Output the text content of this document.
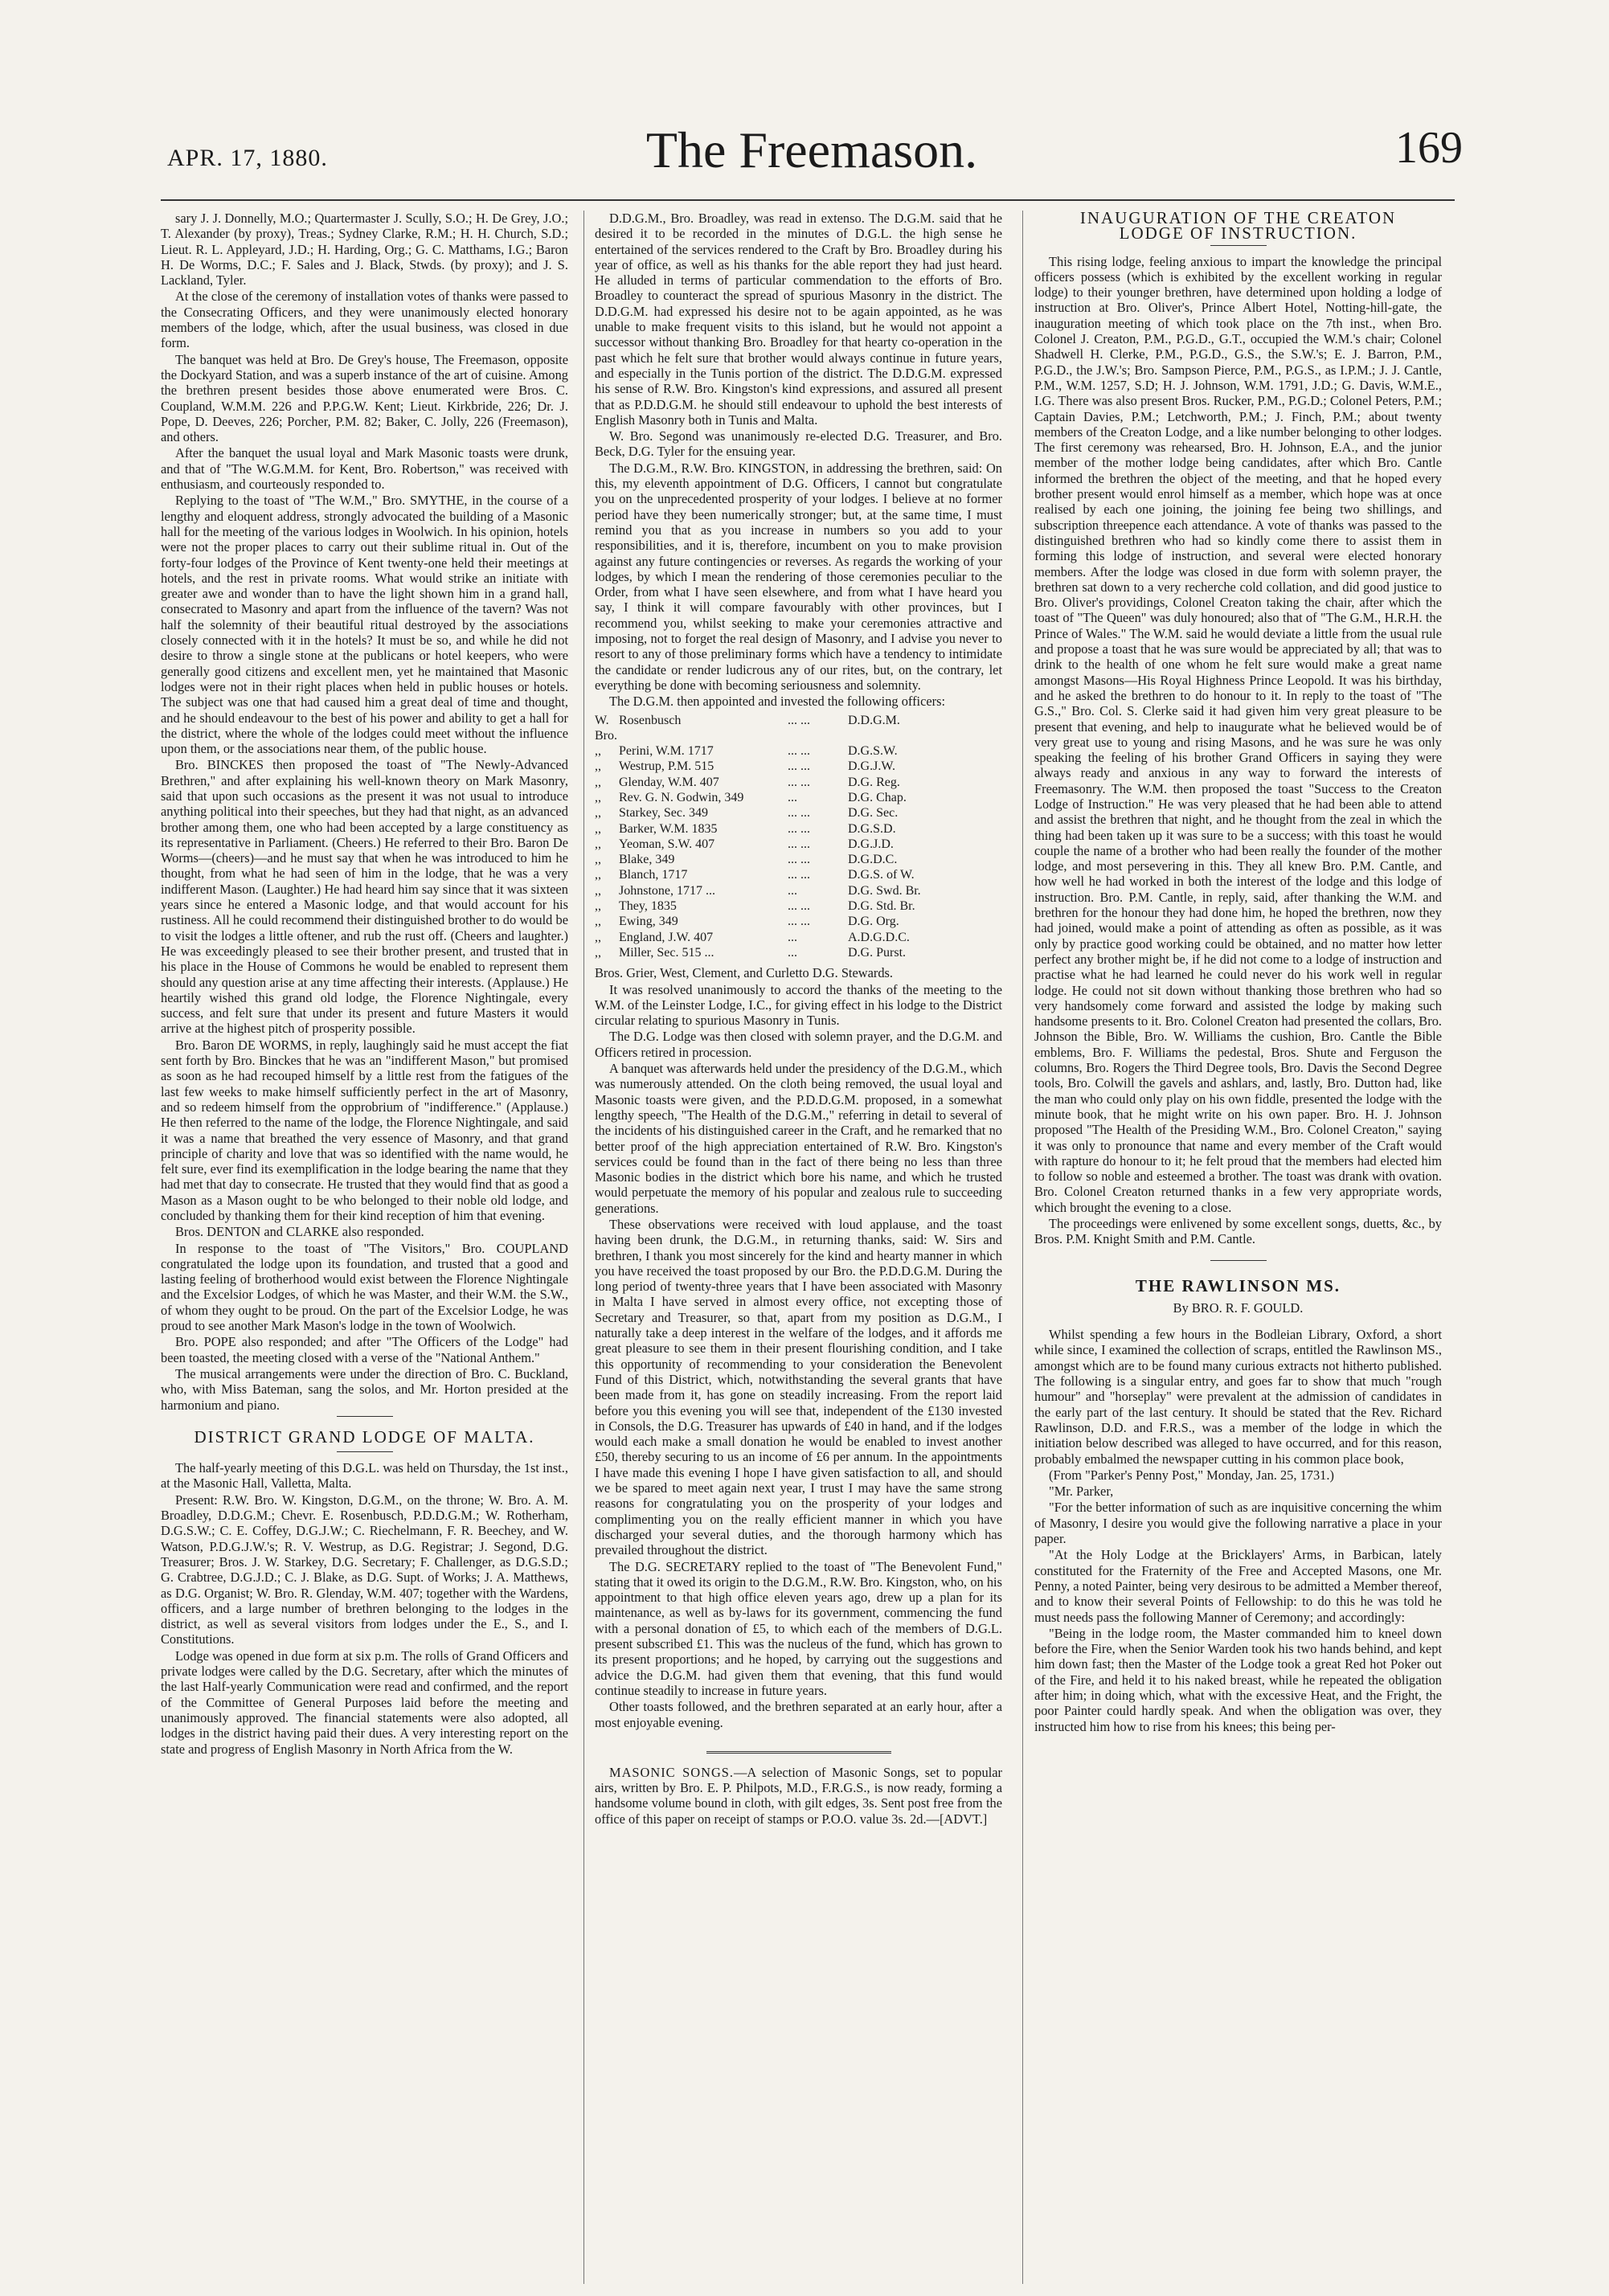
APR. 17, 1880.	The Freemason.	169

sary J. J. Donnelly, M.O.; Quartermaster J. Scully, S.O.; H. De Grey, J.O.; T. Alexander (by proxy), Treas.; Sydney Clarke, R.M.; H. H. Church, S.D.; Lieut. R. L. Appleyard, J.D.; H. Harding, Org.; G. C. Matthams, I.G.; Baron H. De Worms, D.C.; F. Sales and J. Black, Stwds. (by proxy); and J. S. Lackland, Tyler.

At the close of the ceremony of installation votes of thanks were passed to the Consecrating Officers, and they were unanimously elected honorary members of the lodge, which, after the usual business, was closed in due form.

The banquet was held at Bro. De Grey's house, The Freemason, opposite the Dockyard Station, and was a superb instance of the art of cuisine. Among the brethren present besides those above enumerated were Bros. C. Coupland, W.M.M. 226 and P.P.G.W. Kent; Lieut. Kirkbride, 226; Dr. J. Pope, D. Deeves, 226; Porcher, P.M. 82; Baker, C. Jolly, 226 (Freemason), and others.

After the banquet the usual loyal and Mark Masonic toasts were drunk, and that of "The W.G.M.M. for Kent, Bro. Robertson," was received with enthusiasm, and courteously responded to.

Replying to the toast of "The W.M.," Bro. SMYTHE, in the course of a lengthy and eloquent address, strongly advocated the building of a Masonic hall for the meeting of the various lodges in Woolwich. In his opinion, hotels were not the proper places to carry out their sublime ritual in. Out of the forty-four lodges of the Province of Kent twenty-one held their meetings at hotels, and the rest in private rooms. What would strike an initiate with greater awe and wonder than to have the light shown him in a grand hall, consecrated to Masonry and apart from the influence of the tavern? Was not half the solemnity of their beautiful ritual destroyed by the associations closely connected with it in the hotels? It must be so, and while he did not desire to throw a single stone at the publicans or hotel keepers, who were generally good citizens and excellent men, yet he maintained that Masonic lodges were not in their right places when held in public houses or hotels. The subject was one that had caused him a great deal of time and thought, and he should endeavour to the best of his power and ability to get a hall for the district, where the whole of the lodges could meet without the influence upon them, or the associations near them, of the public house.

Bro. BINCKES then proposed the toast of "The Newly-Advanced Brethren," and after explaining his well-known theory on Mark Masonry, said that upon such occasions as the present it was not usual to introduce anything political into their speeches, but they had that night, as an advanced brother among them, one who had been accepted by a large constituency as its representative in Parliament. (Cheers.) He referred to their Bro. Baron De Worms—(cheers)—and he must say that when he was introduced to him he thought, from what he had seen of him in the lodge, that he was a very indifferent Mason. (Laughter.) He had heard him say since that it was sixteen years since he entered a Masonic lodge, and that would account for his rustiness. All he could recommend their distinguished brother to do would be to visit the lodges a little oftener, and rub the rust off. (Cheers and laughter.) He was exceedingly pleased to see their brother present, and trusted that in his place in the House of Commons he would be enabled to represent them should any question arise at any time affecting their interests. (Applause.) He heartily wished this grand old lodge, the Florence Nightingale, every success, and felt sure that under its present and future Masters it would arrive at the highest pitch of prosperity possible.

Bro. Baron DE WORMS, in reply, laughingly said he must accept the fiat sent forth by Bro. Binckes that he was an "indifferent Mason," but promised as soon as he had recouped himself by a little rest from the fatigues of the last few weeks to make himself sufficiently perfect in the art of Masonry, and so redeem himself from the opprobrium of "indifference." (Applause.) He then referred to the name of the lodge, the Florence Nightingale, and said it was a name that breathed the very essence of Masonry, and that grand principle of charity and love that was so identified with the name would, he felt sure, ever find its exemplification in the lodge bearing the name that they had met that day to consecrate. He trusted that they would find that as good a Mason as a Mason ought to be who belonged to their noble old lodge, and concluded by thanking them for their kind reception of him that evening.

Bros. DENTON and CLARKE also responded.

In response to the toast of "The Visitors," Bro. COUPLAND congratulated the lodge upon its foundation, and trusted that a good and lasting feeling of brotherhood would exist between the Florence Nightingale and the Excelsior Lodges, of which he was Master, and their W.M. the S.W., of whom they ought to be proud. On the part of the Excelsior Lodge, he was proud to see another Mark Mason's lodge in the town of Woolwich.

Bro. POPE also responded; and after "The Officers of the Lodge" had been toasted, the meeting closed with a verse of the "National Anthem."

The musical arrangements were under the direction of Bro. C. Buckland, who, with Miss Bateman, sang the solos, and Mr. Horton presided at the harmonium and piano.

DISTRICT GRAND LODGE OF MALTA.

The half-yearly meeting of this D.G.L. was held on Thursday, the 1st inst., at the Masonic Hall, Valletta, Malta.

Present: R.W. Bro. W. Kingston, D.G.M., on the throne; W. Bro. A. M. Broadley, D.D.G.M.; Chevr. E. Rosenbusch, P.D.D.G.M.; W. Rotherham, D.G.S.W.; C. E. Coffey, D.G.J.W.; C. Riechelmann, F. R. Beechey, and W. Watson, P.D.G.J.W.'s; R. V. Westrup, as D.G. Registrar; J. Segond, D.G. Treasurer; Bros. J. W. Starkey, D.G. Secretary; F. Challenger, as D.G.S.D.; G. Crabtree, D.G.J.D.; C. J. Blake, as D.G. Supt. of Works; J. A. Matthews, as D.G. Organist; W. Bro. R. Glenday, W.M. 407; together with the Wardens, officers, and a large number of brethren belonging to the lodges in the district, as well as several visitors from lodges under the E., S., and I. Constitutions.

Lodge was opened in due form at six p.m. The rolls of Grand Officers and private lodges were called by the D.G. Secretary, after which the minutes of the last Half-yearly Communication were read and confirmed, and the report of the Committee of General Purposes laid before the meeting and unanimously approved. The financial statements were also adopted, all lodges in the district having paid their dues. A very interesting report on the state and progress of English Masonry in North Africa from the W.

D.D.G.M., Bro. Broadley, was read in extenso. The D.G.M. said that he desired it to be recorded in the minutes of D.G.L. the high sense he entertained of the services rendered to the Craft by Bro. Broadley during his year of office, as well as his thanks for the able report they had just heard. He alluded in terms of particular commendation to the efforts of Bro. Broadley to counteract the spread of spurious Masonry in the district. The D.D.G.M. had expressed his desire not to be again appointed, as he was unable to make frequent visits to this island, but he would not appoint a successor without thanking Bro. Broadley for that hearty co-operation in the past which he felt sure that brother would always continue in future years, and especially in the Tunis portion of the district. The D.D.G.M. expressed his sense of R.W. Bro. Kingston's kind expressions, and assured all present that as P.D.D.G.M. he should still endeavour to uphold the best interests of English Masonry both in Tunis and Malta.

W. Bro. Segond was unanimously re-elected D.G. Treasurer, and Bro. Beck, D.G. Tyler for the ensuing year.

The D.G.M., R.W. Bro. KINGSTON, in addressing the brethren, said: On this, my eleventh appointment of D.G. Officers, I cannot but congratulate you on the unprecedented prosperity of your lodges. I believe at no former period have they been numerically stronger; but, at the same time, I must remind you that as you increase in numbers so you add to your responsibilities, and it is, therefore, incumbent on you to make provision against any future contingencies or reverses. As regards the working of your lodges, by which I mean the rendering of those ceremonies peculiar to the Order, from what I have seen elsewhere, and from what I have heard you say, I think it will compare favourably with other provinces, but I recommend you, whilst seeking to make your ceremonies attractive and imposing, not to forget the real design of Masonry, and I advise you never to resort to any of those preliminary forms which have a tendency to intimidate the candidate or render ludicrous any of our rites, but, on the contrary, let everything be done with becoming seriousness and solemnity.

The D.G.M. then appointed and invested the following officers:

W. Bro.
Rosenbusch	... ...	D.D.G.M.
,,	Perini, W.M. 1717	... ...	D.G.S.W.
,,	Westrup, P.M. 515	... ...	D.G.J.W.
,,	Glenday, W.M. 407	... ...	D.G. Reg.
,,	Rev. G. N. Godwin, 349	...	D.G. Chap.
,,	Starkey, Sec. 349	... ...	D.G. Sec.
,,	Barker, W.M. 1835	... ...	D.G.S.D.
,,	Yeoman, S.W. 407	... ...	D.G.J.D.
,,	Blake, 349	... ...	D.G.D.C.
,,	Blanch, 1717	... ...	D.G.S. of W.
,,	Johnstone, 1717 ...	...	D.G. Swd. Br.
,,	They, 1835	... ...	D.G. Std. Br.
,,	Ewing, 349	... ...	D.G. Org.
,,	England, J.W. 407	...	A.D.G.D.C.
,,	Miller, Sec. 515 ...	...	D.G. Purst.

Bros. Grier, West, Clement, and Curletto D.G. Stewards.

It was resolved unanimously to accord the thanks of the meeting to the W.M. of the Leinster Lodge, I.C., for giving effect in his lodge to the District circular relating to spurious Masonry in Tunis.

The D.G. Lodge was then closed with solemn prayer, and the D.G.M. and Officers retired in procession.

A banquet was afterwards held under the presidency of the D.G.M., which was numerously attended. On the cloth being removed, the usual loyal and Masonic toasts were given, and the P.D.D.G.M. proposed, in a somewhat lengthy speech, "The Health of the D.G.M.," referring in detail to several of the incidents of his distinguished career in the Craft, and he remarked that no better proof of the high appreciation entertained of R.W. Bro. Kingston's services could be found than in the fact of there being no less than three Masonic bodies in the district which bore his name, and which he trusted would perpetuate the memory of his popular and zealous rule to succeeding generations.

These observations were received with loud applause, and the toast having been drunk, the D.G.M., in returning thanks, said: W. Sirs and brethren, I thank you most sincerely for the kind and hearty manner in which you have received the toast proposed by our Bro. the P.D.D.G.M. During the long period of twenty-three years that I have been associated with Masonry in Malta I have served in almost every office, not excepting those of Secretary and Treasurer, so that, apart from my position as D.G.M., I naturally take a deep interest in the welfare of the lodges, and it affords me great pleasure to see them in their present flourishing condition, and I take this opportunity of recommending to your consideration the Benevolent Fund of this District, which, notwithstanding the several grants that have been made from it, has gone on steadily increasing. From the report laid before you this evening you will see that, independent of the £130 invested in Consols, the D.G. Treasurer has upwards of £40 in hand, and if the lodges would each make a small donation he would be enabled to invest another £50, thereby securing to us an income of £6 per annum. In the appointments I have made this evening I hope I have given satisfaction to all, and should we be spared to meet again next year, I trust I may have the same strong reasons for congratulating you on the prosperity of your lodges and complimenting you on the really efficient manner in which you have discharged your several duties, and the thorough harmony which has prevailed throughout the district.

The D.G. SECRETARY replied to the toast of "The Benevolent Fund," stating that it owed its origin to the D.G.M., R.W. Bro. Kingston, who, on his appointment to that high office eleven years ago, drew up a plan for its maintenance, as well as by-laws for its government, commencing the fund with a personal donation of £5, to which each of the members of D.G.L. present subscribed £1. This was the nucleus of the fund, which has grown to its present proportions; and he hoped, by carrying out the suggestions and advice the D.G.M. had given them that evening, that this fund would continue steadily to increase in future years.

Other toasts followed, and the brethren separated at an early hour, after a most enjoyable evening.

MASONIC SONGS.—A selection of Masonic Songs, set to popular airs, written by Bro. E. P. Philpots, M.D., F.R.G.S., is now ready, forming a handsome volume bound in cloth, with gilt edges, 3s. Sent post free from the office of this paper on receipt of stamps or P.O.O. value 3s. 2d.—[ADVT.]

INAUGURATION OF THE CREATON
LODGE OF INSTRUCTION.

This rising lodge, feeling anxious to impart the knowledge the principal officers possess (which is exhibited by the excellent working in regular lodge) to their younger brethren, have determined upon holding a lodge of instruction at Bro. Oliver's, Prince Albert Hotel, Notting-hill-gate, the inauguration meeting of which took place on the 7th inst., when Bro. Colonel J. Creaton, P.M., P.G.D., G.T., occupied the W.M.'s chair; Colonel Shadwell H. Clerke, P.M., P.G.D., G.S., the S.W.'s; E. J. Barron, P.M., P.G.D., the J.W.'s; Bro. Sampson Pierce, P.M., P.G.S., as I.P.M.; J. J. Cantle, P.M., W.M. 1257, S.D; H. J. Johnson, W.M. 1791, J.D.; G. Davis, W.M.E., I.G. There was also present Bros. Rucker, P.M., P.G.D.; Colonel Peters, P.M.; Captain Davies, P.M.; Letchworth, P.M.; J. Finch, P.M.; about twenty members of the Creaton Lodge, and a like number belonging to other lodges. The first ceremony was rehearsed, Bro. H. Johnson, E.A., and the junior member of the mother lodge being candidates, after which Bro. Cantle informed the brethren the object of the meeting, and that he hoped every brother present would enrol himself as a member, which hope was at once realised by each one joining, the joining fee being two shillings, and subscription threepence each attendance. A vote of thanks was passed to the distinguished brethren who had so kindly come there to assist them in forming this lodge of instruction, and several were elected honorary members. After the lodge was closed in due form with solemn prayer, the brethren sat down to a very recherche cold collation, and did good justice to Bro. Oliver's providings, Colonel Creaton taking the chair, after which the toast of "The Queen" was duly honoured; also that of "The G.M., H.R.H. the Prince of Wales." The W.M. said he would deviate a little from the usual rule and propose a toast that he was sure would be appreciated by all; that was to drink to the health of one whom he felt sure would make a great name amongst Masons—His Royal Highness Prince Leopold. It was his birthday, and he asked the brethren to do honour to it. In reply to the toast of "The G.S.," Bro. Col. S. Clerke said it had given him very great pleasure to be present that evening, and help to inaugurate what he believed would be of very great use to young and rising Masons, and he was sure he was only speaking the feeling of his brother Grand Officers in saying they were always ready and anxious in any way to forward the interests of Freemasonry. The W.M. then proposed the toast "Success to the Creaton Lodge of Instruction." He was very pleased that he had been able to attend and assist the brethren that night, and he thought from the zeal in which the thing had been taken up it was sure to be a success; with this toast he would couple the name of a brother who had been really the founder of the mother lodge, and most persevering in this. They all knew Bro. P.M. Cantle, and how well he had worked in both the interest of the lodge and this lodge of instruction. Bro. P.M. Cantle, in reply, said, after thanking the W.M. and brethren for the honour they had done him, he hoped the brethren, now they had joined, would make a point of attending as often as possible, as it was only by practice good working could be obtained, and no matter how letter perfect any brother might be, if he did not come to a lodge of instruction and practise what he had learned he could never do his work well in regular lodge. He could not sit down without thanking those brethren who had so very handsomely come forward and assisted the lodge by making such handsome presents to it. Bro. Colonel Creaton had presented the collars, Bro. Johnson the Bible, Bro. W. Williams the cushion, Bro. Cantle the Bible emblems, Bro. F. Williams the pedestal, Bros. Shute and Ferguson the columns, Bro. Rogers the Third Degree tools, Bro. Davis the Second Degree tools, Bro. Colwill the gavels and ashlars, and, lastly, Bro. Dutton had, like the man who could only play on his own fiddle, presented the lodge with the minute book, that he might write on his own paper. Bro. H. J. Johnson proposed "The Health of the Presiding W.M., Bro. Colonel Creaton," saying it was only to pronounce that name and every member of the Craft would with rapture do honour to it; he felt proud that the members had elected him to follow so noble and esteemed a brother. The toast was drank with ovation. Bro. Colonel Creaton returned thanks in a few very appropriate words, which brought the evening to a close.

The proceedings were enlivened by some excellent songs, duetts, &c., by Bros. P.M. Knight Smith and P.M. Cantle.

THE RAWLINSON MS.
By BRO. R. F. GOULD.

Whilst spending a few hours in the Bodleian Library, Oxford, a short while since, I examined the collection of scraps, entitled the Rawlinson MS., amongst which are to be found many curious extracts not hitherto published. The following is a singular entry, and goes far to show that much "rough humour" and "horseplay" were prevalent at the admission of candidates in the early part of the last century. It should be stated that the Rev. Richard Rawlinson, D.D. and F.R.S., was a member of the lodge in which the initiation below described was alleged to have occurred, and for this reason, probably embalmed the newspaper cutting in his common place book,

(From "Parker's Penny Post," Monday, Jan. 25, 1731.)

"Mr. Parker,

"For the better information of such as are inquisitive concerning the whim of Masonry, I desire you would give the following narrative a place in your paper.

"At the Holy Lodge at the Bricklayers' Arms, in Barbican, lately constituted for the Fraternity of the Free and Accepted Masons, one Mr. Penny, a noted Painter, being very desirous to be admitted a Member thereof, and to know their several Points of Fellowship: to do this he was told he must needs pass the following Manner of Ceremony; and accordingly:

"Being in the lodge room, the Master commanded him to kneel down before the Fire, when the Senior Warden took his two hands behind, and kept him down fast; then the Master of the Lodge took a great Red hot Poker out of the Fire, and held it to his naked breast, while he repeated the obligation after him; in doing which, what with the excessive Heat, and the Fright, the poor Painter could hardly speak. And when the obligation was over, they instructed him how to rise from his knees; this being per-
